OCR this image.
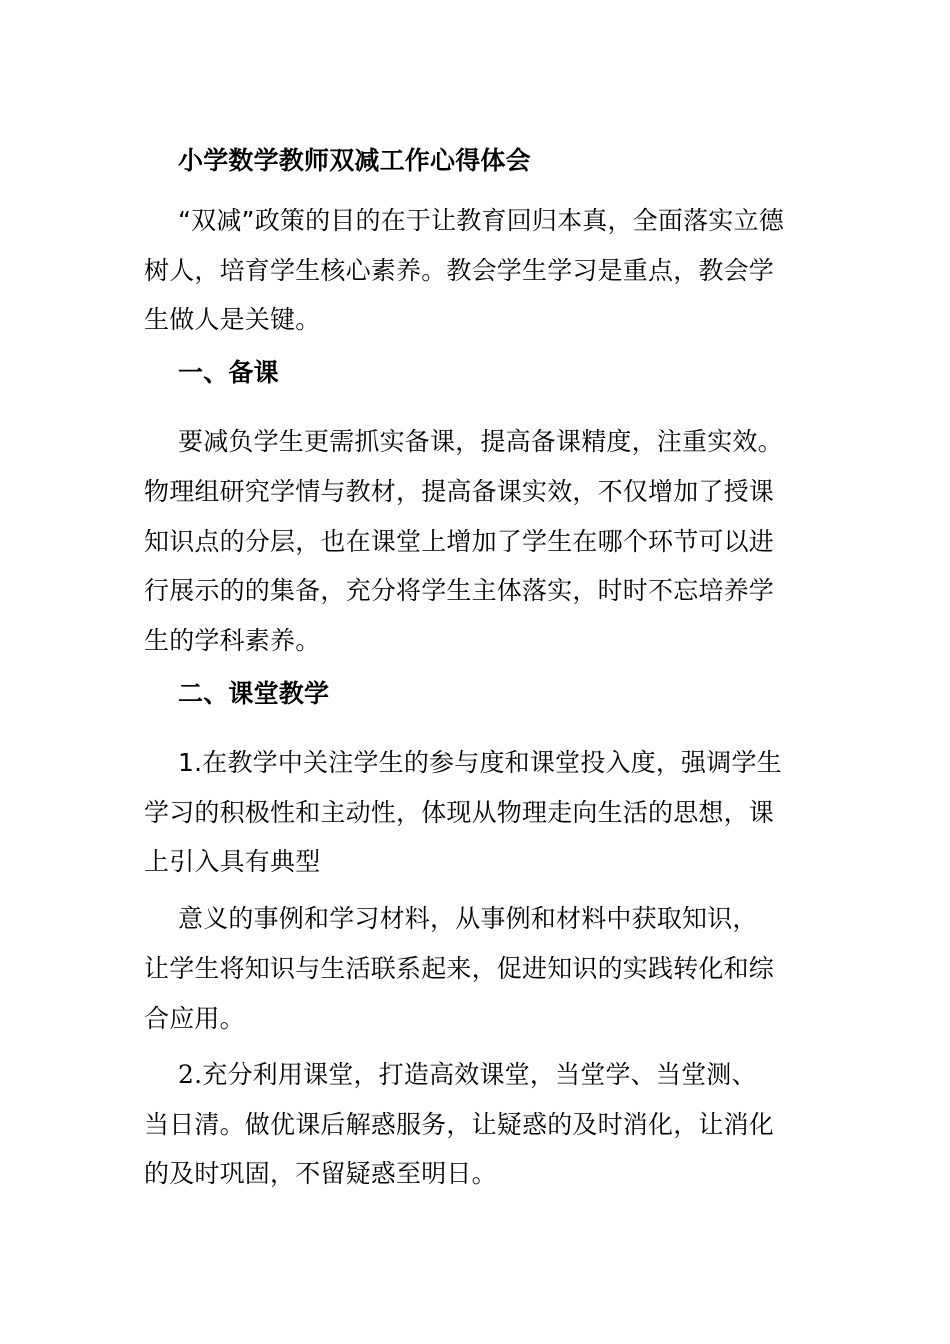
小学数学教师双减工作心得体会
“双减”政策的目的在于让教育回归本真，全面落实立德
树人，培育学生核心素养。教会学生学习是重点，教会学
生做人是关键。
一、备课
要减负学生更需抓实备课，提高备课精度，注重实效。
物理组研究学情与教材，提高备课实效，不仅增加了授课
知识点的分层，也在课堂上增加了学生在哪个环节可以进
行展示的的集备，充分将学生主体落实，时时不忘培养学
生的学科素养。
二、课堂教学
1.在教学中关注学生的参与度和课堂投入度，强调学生
学习的积极性和主动性，体现从物理走向生活的思想，课
上引入具有典型
意义的事例和学习材料，从事例和材料中获取知识，
让学生将知识与生活联系起来，促进知识的实践转化和综
合应用。
2.充分利用课堂，打造高效课堂，当堂学、当堂测、
当日清。做优课后解惑服务，让疑惑的及时消化，让消化
的及时巩固，不留疑惑至明日。
